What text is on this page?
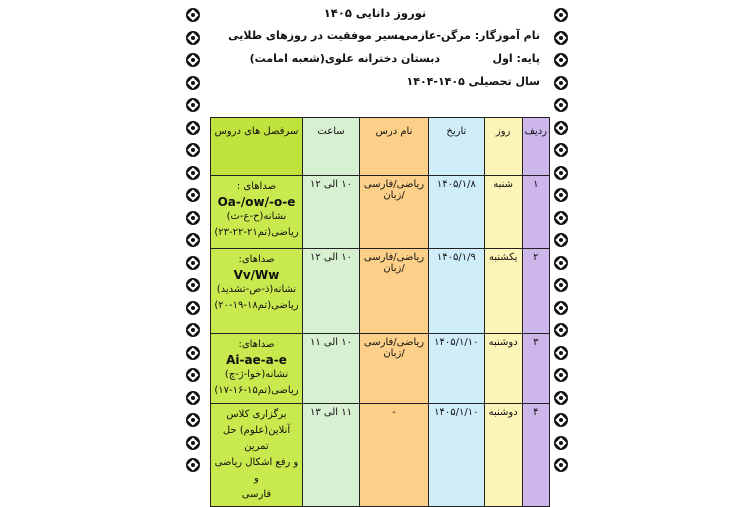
نوروز دانایی ۱۴۰۵
نام آموزگار: مرگن-عازمی
مسیر موفقیت در روزهای طلایی
پایه: اول
دبستان دخترانه علوی(شعبه امامت)
سال تحصیلی ۱۴۰۵-۱۴۰۴
ردیف	روز	تاریخ	نام درس	ساعت	سرفصل های دروس
۱	شنبه	۱۴۰۵/۱/۸	ریاضی/فارسی /زبان	۱۰ الی ۱۲	صداهای :
Oa-/ow/-o-e
نشانه(ح-ع-ث)
ریاضی(تم۲۱-۲۲-۲۳)

۲	یکشنبه	۱۴۰۵/۱/۹	ریاضی/فارسی /زبان	۱۰ الی ۱۲	صداهای:
Vv/Ww
نشانه(ذ-ص-تشدید)
ریاضی(تم۱۸-۱۹-۲۰)

۳	دوشنبه	۱۴۰۵/۱/۱۰	ریاضی/فارسی /زبان	۱۰ الی ۱۱	صداهای:
Ai-ae-a-e
نشانه(خوا-ژ-چ)
ریاضی(تم۱۵-۱۶-۱۷)

۴	دوشنبه	۱۴۰۵/۱/۱۰	-	۱۱ الی ۱۳	برگزاری کلاس
آنلاین(علوم) حل تمرین
و رفع اشکال ریاضی و
فارسی
